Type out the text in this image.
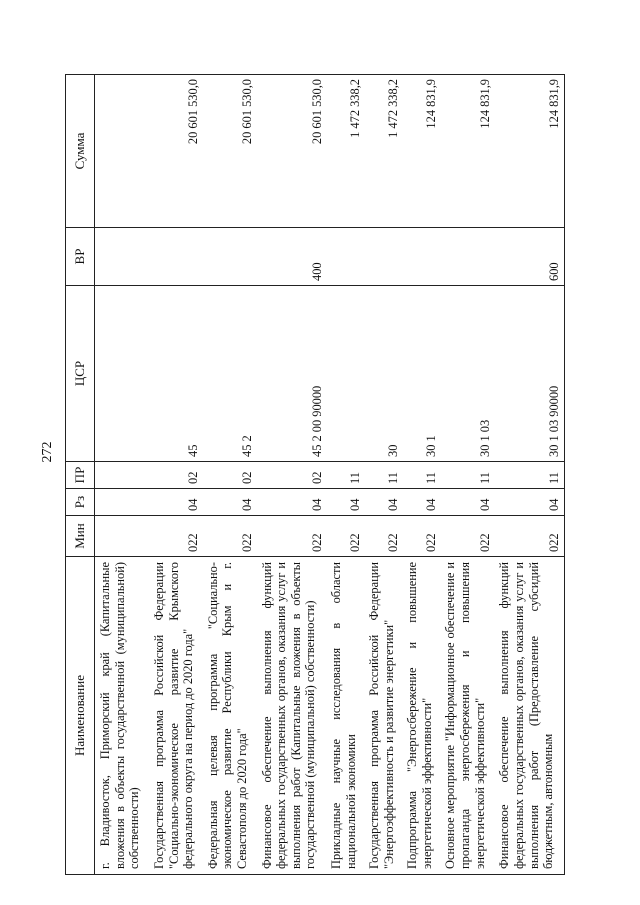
272
Наименование	Мин	Рз	ПР	ЦСР	ВР	Сумма
г. Владивосток, Приморский край (Капитальные вложения в объекты государственной (муниципальной) собственности)						
Государственная программа Российской Федерации "Социально-экономическое развитие Крымского федерального округа на период до 2020 года"	022	04	02	45		20 601 530,0
Федеральная целевая программа "Социально-экономическое развитие Республики Крым и г. Севастополя до 2020 года"	022	04	02	45 2		20 601 530,0
Финансовое обеспечение выполнения функций федеральных государственных органов, оказания услуг и выполнения работ (Капитальные вложения в объекты государственной (муниципальной) собственности)	022	04	02	45 2 00 90000	400	20 601 530,0
Прикладные научные исследования в области национальной экономики	022	04	11			1 472 338,2
Государственная программа Российской Федерации "Энергоэффективность и развитие энергетики"	022	04	11	30		1 472 338,2
Подпрограмма "Энергосбережение и повышение энергетической эффективности"	022	04	11	30 1		124 831,9
Основное мероприятие "Информационное обеспечение и пропаганда энергосбережения и повышения энергетической эффективности"	022	04	11	30 1 03		124 831,9
Финансовое обеспечение выполнения функций федеральных государственных органов, оказания услуг и выполнения работ (Предоставление субсидий бюджетным, автономным	022	04	11	30 1 03 90000	600	124 831,9
